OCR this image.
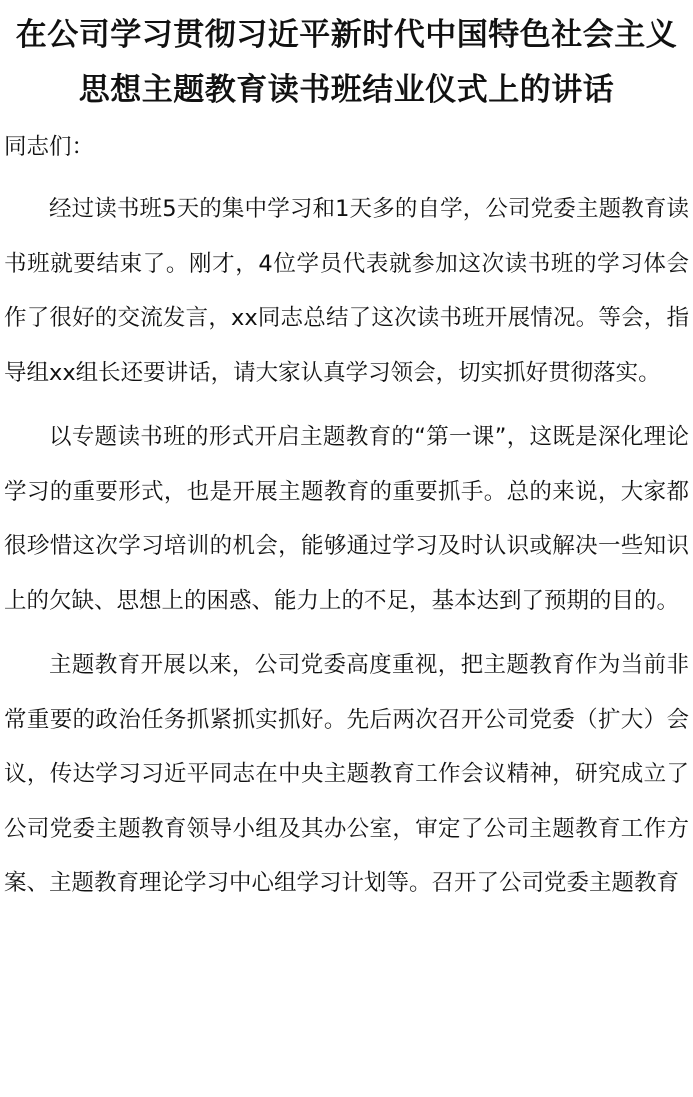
在公司学习贯彻习近平新时代中国特色社会主义思想主题教育读书班结业仪式上的讲话
同志们：

经过读书班5天的集中学习和1天多的自学，公司党委主题教育读书班就要结束了。刚才，4位学员代表就参加这次读书班的学习体会作了很好的交流发言，xx同志总结了这次读书班开展情况。等会，指导组xx组长还要讲话，请大家认真学习领会，切实抓好贯彻落实。

以专题读书班的形式开启主题教育的“第一课”，这既是深化理论学习的重要形式，也是开展主题教育的重要抓手。总的来说，大家都很珍惜这次学习培训的机会，能够通过学习及时认识或解决一些知识上的欠缺、思想上的困惑、能力上的不足，基本达到了预期的目的。

主题教育开展以来，公司党委高度重视，把主题教育作为当前非常重要的政治任务抓紧抓实抓好。先后两次召开公司党委（扩大）会议，传达学习习近平同志在中央主题教育工作会议精神，研究成立了公司党委主题教育领导小组及其办公室，审定了公司主题教育工作方案、主题教育理论学习中心组学习计划等。召开了公司党委主题教育
